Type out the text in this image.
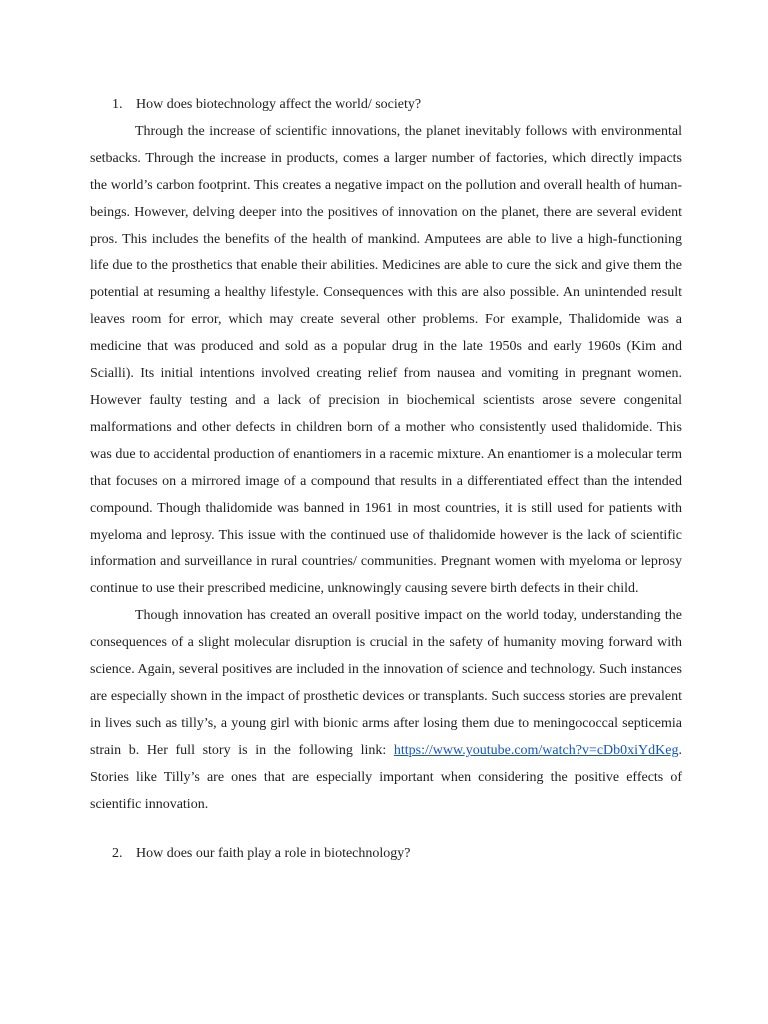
1. How does biotechnology affect the world/ society?

Through the increase of scientific innovations, the planet inevitably follows with environmental setbacks. Through the increase in products, comes a larger number of factories, which directly impacts the world’s carbon footprint. This creates a negative impact on the pollution and overall health of human-beings. However, delving deeper into the positives of innovation on the planet, there are several evident pros. This includes the benefits of the health of mankind. Amputees are able to live a high-functioning life due to the prosthetics that enable their abilities. Medicines are able to cure the sick and give them the potential at resuming a healthy lifestyle. Consequences with this are also possible. An unintended result leaves room for error, which may create several other problems. For example, Thalidomide was a medicine that was produced and sold as a popular drug in the late 1950s and early 1960s (Kim and Scialli). Its initial intentions involved creating relief from nausea and vomiting in pregnant women. However faulty testing and a lack of precision in biochemical scientists arose severe congenital malformations and other defects in children born of a mother who consistently used thalidomide. This was due to accidental production of enantiomers in a racemic mixture. An enantiomer is a molecular term that focuses on a mirrored image of a compound that results in a differentiated effect than the intended compound. Though thalidomide was banned in 1961 in most countries, it is still used for patients with myeloma and leprosy. This issue with the continued use of thalidomide however is the lack of scientific information and surveillance in rural countries/ communities. Pregnant women with myeloma or leprosy continue to use their prescribed medicine, unknowingly causing severe birth defects in their child.

Though innovation has created an overall positive impact on the world today, understanding the consequences of a slight molecular disruption is crucial in the safety of humanity moving forward with science. Again, several positives are included in the innovation of science and technology. Such instances are especially shown in the impact of prosthetic devices or transplants. Such success stories are prevalent in lives such as tilly’s, a young girl with bionic arms after losing them due to meningococcal septicemia strain b. Her full story is in the following link: https://www.youtube.com/watch?v=cDb0xiYdKeg. Stories like Tilly’s are ones that are especially important when considering the positive effects of scientific innovation.

2. How does our faith play a role in biotechnology?
